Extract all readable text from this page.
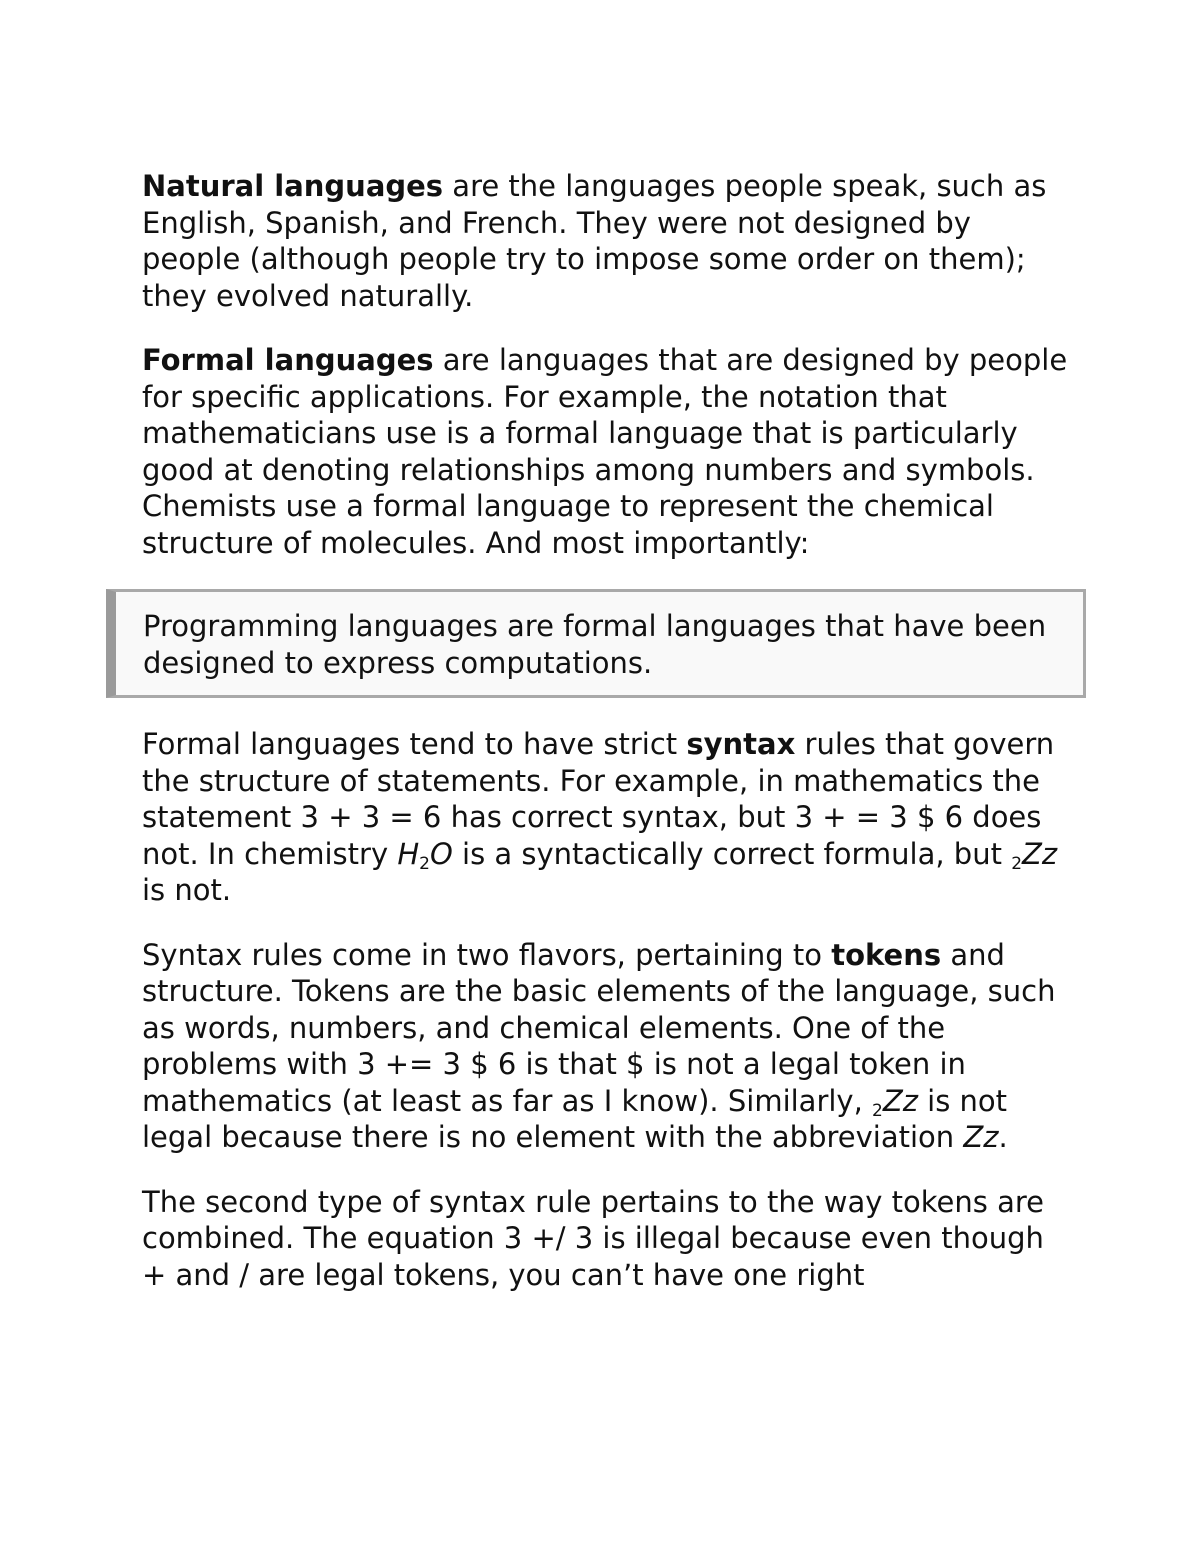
Natural languages are the languages people speak, such as English, Spanish, and French. They were not designed by people (although people try to impose some order on them); they evolved naturally.

Formal languages are languages that are designed by people for specific applications. For example, the notation that mathematicians use is a formal language that is particularly good at denoting relationships among numbers and symbols. Chemists use a formal language to represent the chemical structure of molecules. And most importantly:

Programming languages are formal languages that have been designed to express computations.

Formal languages tend to have strict syntax rules that govern the structure of statements. For example, in mathematics the statement 3 + 3 = 6 has correct syntax, but 3 + = 3 $ 6 does not. In chemistry $H_2O$ is a syntactically correct formula, but $_2$Zz is not.

Syntax rules come in two flavors, pertaining to tokens and structure. Tokens are the basic elements of the language, such as words, numbers, and chemical elements. One of the problems with 3 += 3 $ 6 is that $ is not a legal token in mathematics (at least as far as I know). Similarly, $_2$Zz is not legal because there is no element with the abbreviation Zz.

The second type of syntax rule pertains to the way tokens are combined. The equation 3 +/ 3 is illegal because even though + and / are legal tokens, you can’t have one right
